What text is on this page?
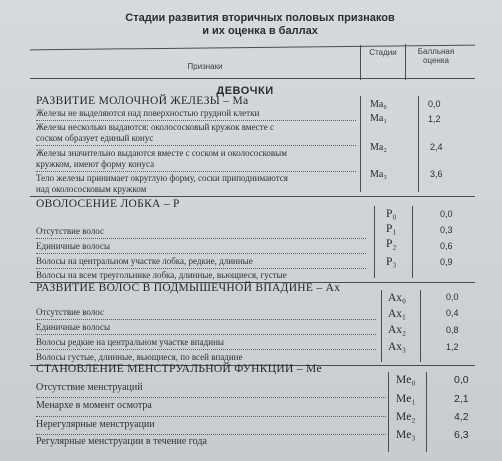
Стадии развития вторичных половых признаков
и их оценка в баллах
Признаки
Стадии	Балльная
оценка
ДЕВОЧКИ
РАЗВИТИЕ МОЛОЧНОЙ ЖЕЛЕЗЫ – Ма
Железы не выделяются над поверхностью грудной клетки
Ma₀	0,0
Железы несколько выдаются: околососковый кружок вместе с
соском образует единый конус
Ma₁	1,2
Железы значительно выдаются вместе с соском и околососковым
кружком, имеют форму конуса
Ma₂	2,4
Тело железы принимает округлую форму, соски приподнимаются
над околососковым кружком
Ma₃	3,6
ОВОЛОСЕНИЕ ЛОБКА – Р
Отсутствие волос
P₀	0,0
Единичные волосы
P₁	0,3
Волосы на центральном участке лобка, редкие, длинные
P₂	0,6
Волосы на всем треугольнике лобка, длинные, вьющиеся, густые
P₃	0,9
РАЗВИТИЕ ВОЛОС В ПОДМЫШЕЧНОЙ ВПАДИНЕ – Ах
Отсутствие волос
Ax₀	0,0
Единичные волосы
Ax₁	0,4
Волосы редкие на центральном участке впадины
Ax₂	0,8
Волосы густые, длинные, вьющиеся, по всей впадине
Ax₃	1,2
СТАНОВЛЕНИЕ МЕНСТРУАЛЬНОЙ ФУНКЦИИ – Me
Отсутствие менструаций
Me₀	0,0
Менархе в момент осмотра
Me₁	2,1
Нерегулярные менструации
Me₂	4,2
Регулярные менструации в течение года
Me₃	6,3
